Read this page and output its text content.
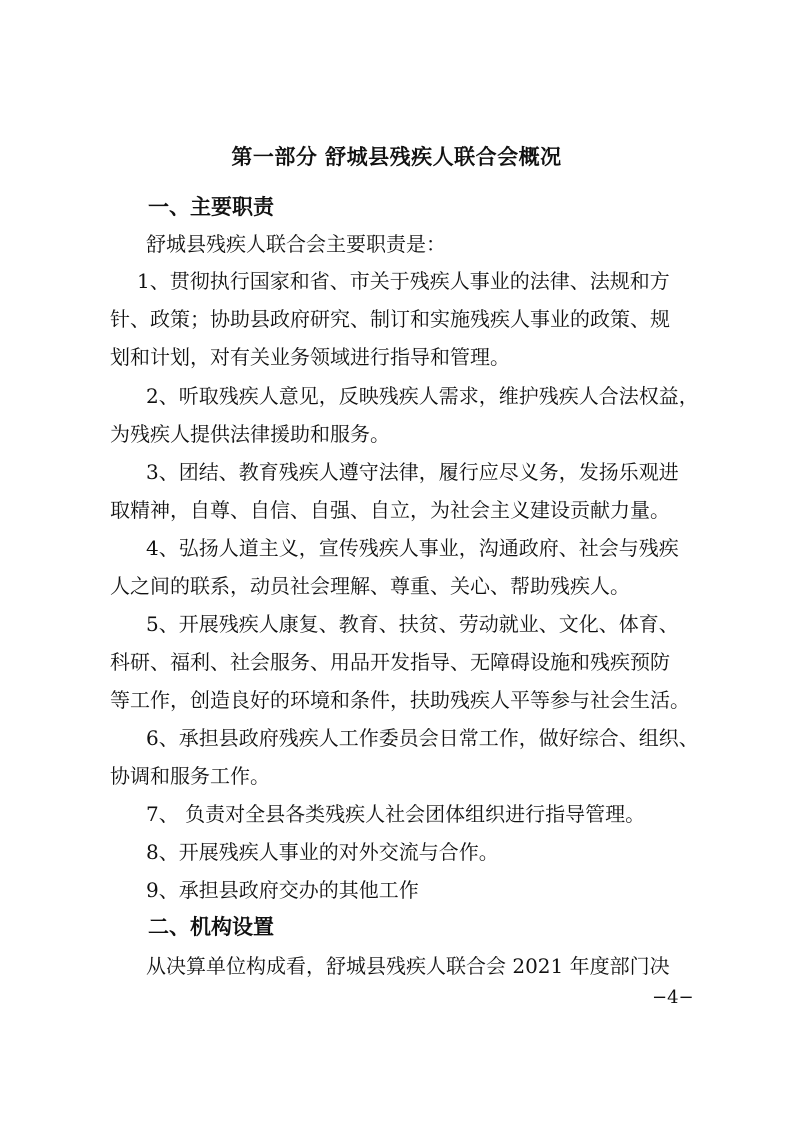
第一部分 舒城县残疾人联合会概况
一、主要职责
舒城县残疾人联合会主要职责是：
1、贯彻执行国家和省、市关于残疾人事业的法律、法规和方
针、政策；协助县政府研究、制订和实施残疾人事业的政策、规
划和计划，对有关业务领域进行指导和管理。
2、听取残疾人意见，反映残疾人需求，维护残疾人合法权益，
为残疾人提供法律援助和服务。
3、团结、教育残疾人遵守法律，履行应尽义务，发扬乐观进
取精神，自尊、自信、自强、自立，为社会主义建设贡献力量。
4、弘扬人道主义，宣传残疾人事业，沟通政府、社会与残疾
人之间的联系，动员社会理解、尊重、关心、帮助残疾人。
5、开展残疾人康复、教育、扶贫、劳动就业、文化、体育、
科研、福利、社会服务、用品开发指导、无障碍设施和残疾预防
等工作，创造良好的环境和条件，扶助残疾人平等参与社会生活。
6、承担县政府残疾人工作委员会日常工作，做好综合、组织、
协调和服务工作。
7、 负责对全县各类残疾人社会团体组织进行指导管理。
8、开展残疾人事业的对外交流与合作。
9、承担县政府交办的其他工作
二、机构设置
从决算单位构成看，舒城县残疾人联合会 2021 年度部门决
−4−
